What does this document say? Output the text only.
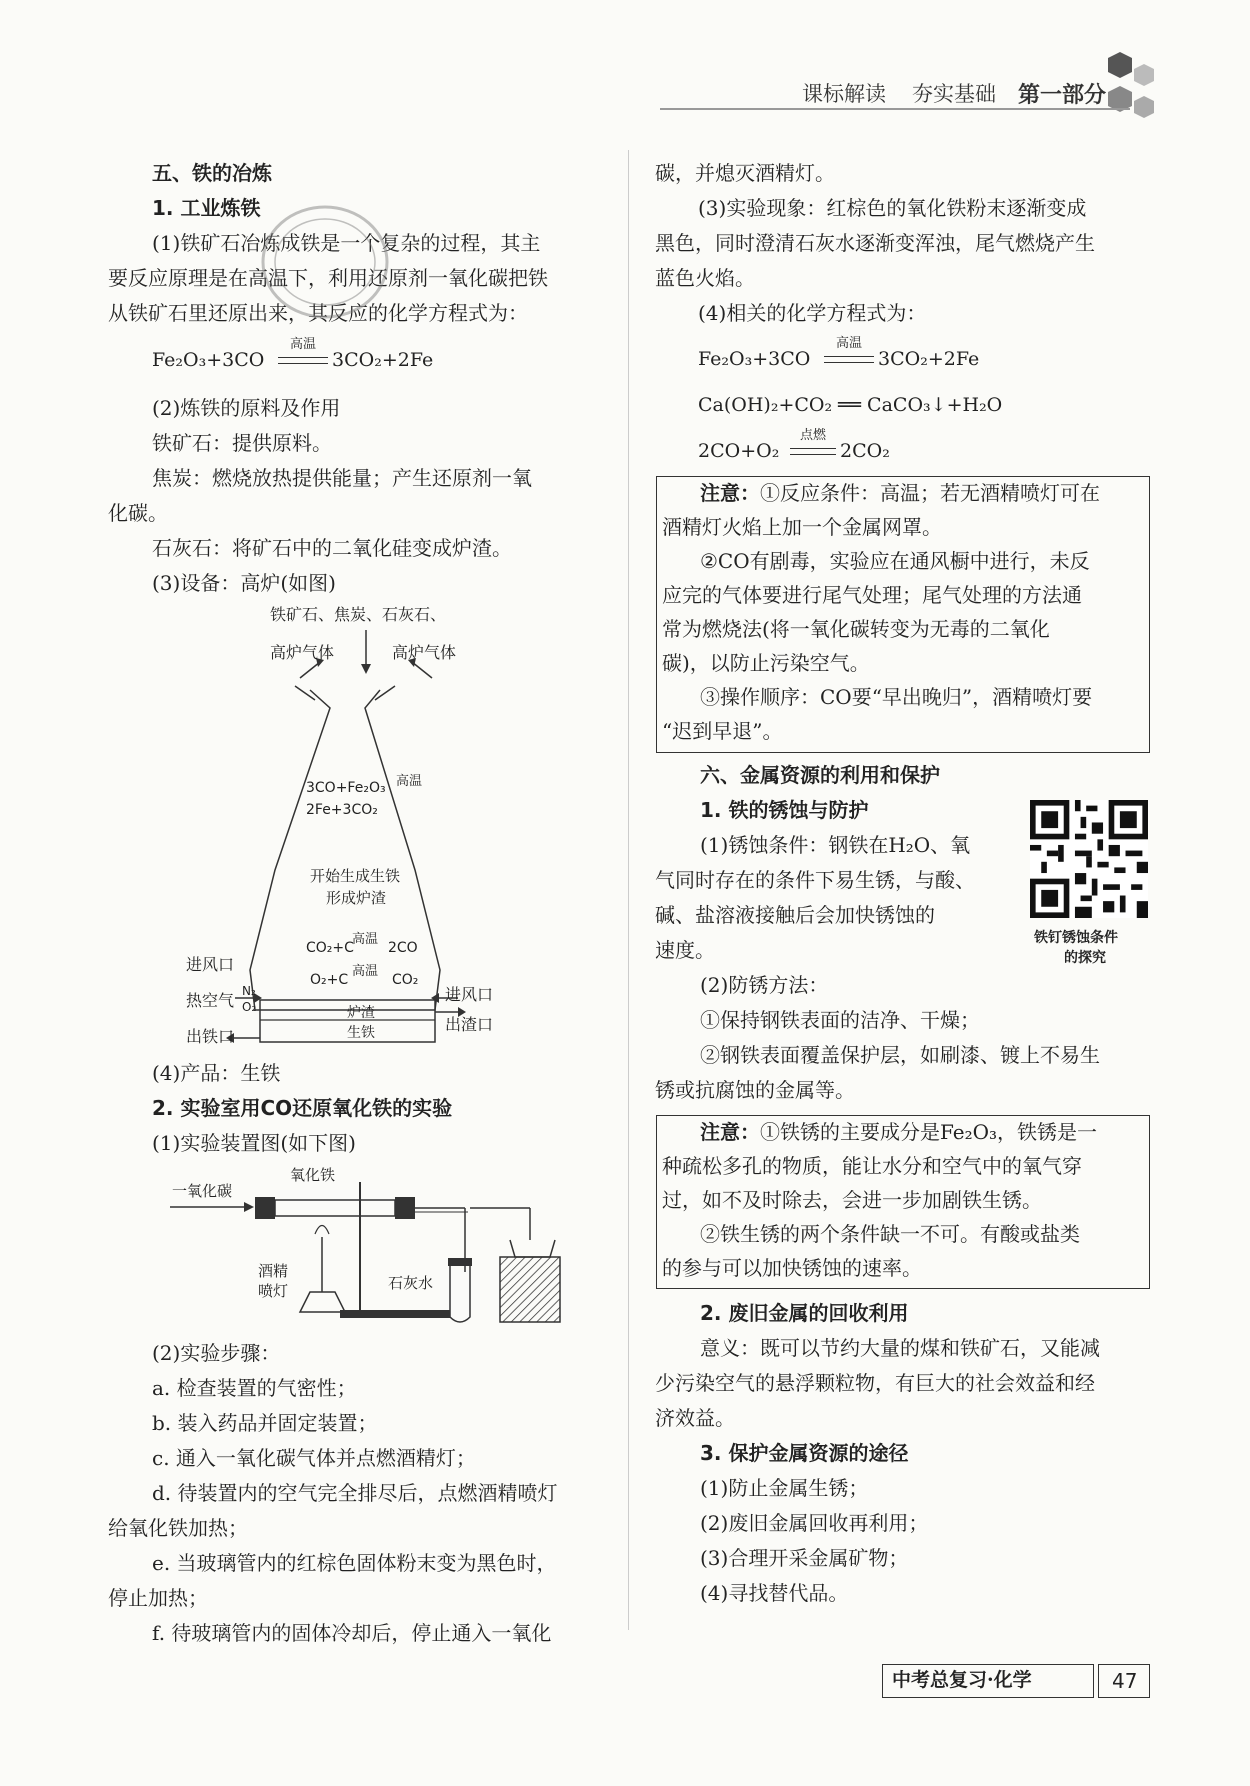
课标解读 夯实基础 第一部分
五、铁的冶炼
1. 工业炼铁
(1)铁矿石冶炼成铁是一个复杂的过程，其主
要反应原理是在高温下，利用还原剂一氧化碳把铁
从铁矿石里还原出来，其反应的化学方程式为：
Fe₂O₃+3CO
高温
3CO₂+2Fe
(2)炼铁的原料及作用
铁矿石：提供原料。
焦炭：燃烧放热提供能量；产生还原剂一氧
化碳。
石灰石：将矿石中的二氧化硅变成炉渣。
(3)设备：高炉(如图)
铁矿石、焦炭、石灰石、
高炉气体	高炉气体
3CO+Fe₂O₃ 高温
2Fe+3CO₂
开始生成生铁
形成炉渣
CO₂+C
高温
2CO
O₂+C
高温
CO₂
进风口
热空气 N₂
O₂
出铁口
进风口
出渣口
炉渣
生铁
(4)产品：生铁
2. 实验室用CO还原氧化铁的实验
(1)实验装置图(如下图)
一氧化碳
氧化铁
酒精
喷灯	石灰水
(2)实验步骤：
a. 检查装置的气密性；
b. 装入药品并固定装置；
c. 通入一氧化碳气体并点燃酒精灯；
d. 待装置内的空气完全排尽后，点燃酒精喷灯
给氧化铁加热；
e. 当玻璃管内的红棕色固体粉末变为黑色时，
停止加热；
f. 待玻璃管内的固体冷却后，停止通入一氧化
碳，并熄灭酒精灯。
(3)实验现象：红棕色的氧化铁粉末逐渐变成
黑色，同时澄清石灰水逐渐变浑浊，尾气燃烧产生
蓝色火焰。
(4)相关的化学方程式为：
Fe₂O₃+3CO
高温
3CO₂+2Fe
Ca(OH)₂+CO₂ ══ CaCO₃↓+H₂O
2CO+O₂
点燃
2CO₂
注意：①反应条件：高温；若无酒精喷灯可在
酒精灯火焰上加一个金属网罩。
②CO有剧毒，实验应在通风橱中进行，未反
应完的气体要进行尾气处理；尾气处理的方法通
常为燃烧法(将一氧化碳转变为无毒的二氧化
碳)，以防止污染空气。
③操作顺序：CO要“早出晚归”，酒精喷灯要
“迟到早退”。
六、金属资源的利用和保护
1. 铁的锈蚀与防护
(1)锈蚀条件：钢铁在H₂O、氧
气同时存在的条件下易生锈，与酸、
碱、盐溶液接触后会加快锈蚀的
速度。	铁钉锈蚀条件
的探究
(2)防锈方法：
①保持钢铁表面的洁净、干燥；
②钢铁表面覆盖保护层，如刷漆、镀上不易生
锈或抗腐蚀的金属等。
注意：①铁锈的主要成分是Fe₂O₃，铁锈是一
种疏松多孔的物质，能让水分和空气中的氧气穿
过，如不及时除去，会进一步加剧铁生锈。
②铁生锈的两个条件缺一不可。有酸或盐类
的参与可以加快锈蚀的速率。
2. 废旧金属的回收利用
意义：既可以节约大量的煤和铁矿石，又能减
少污染空气的悬浮颗粒物，有巨大的社会效益和经
济效益。
3. 保护金属资源的途径
(1)防止金属生锈；
(2)废旧金属回收再利用；
(3)合理开采金属矿物；
(4)寻找替代品。
中考总复习·化学	47
